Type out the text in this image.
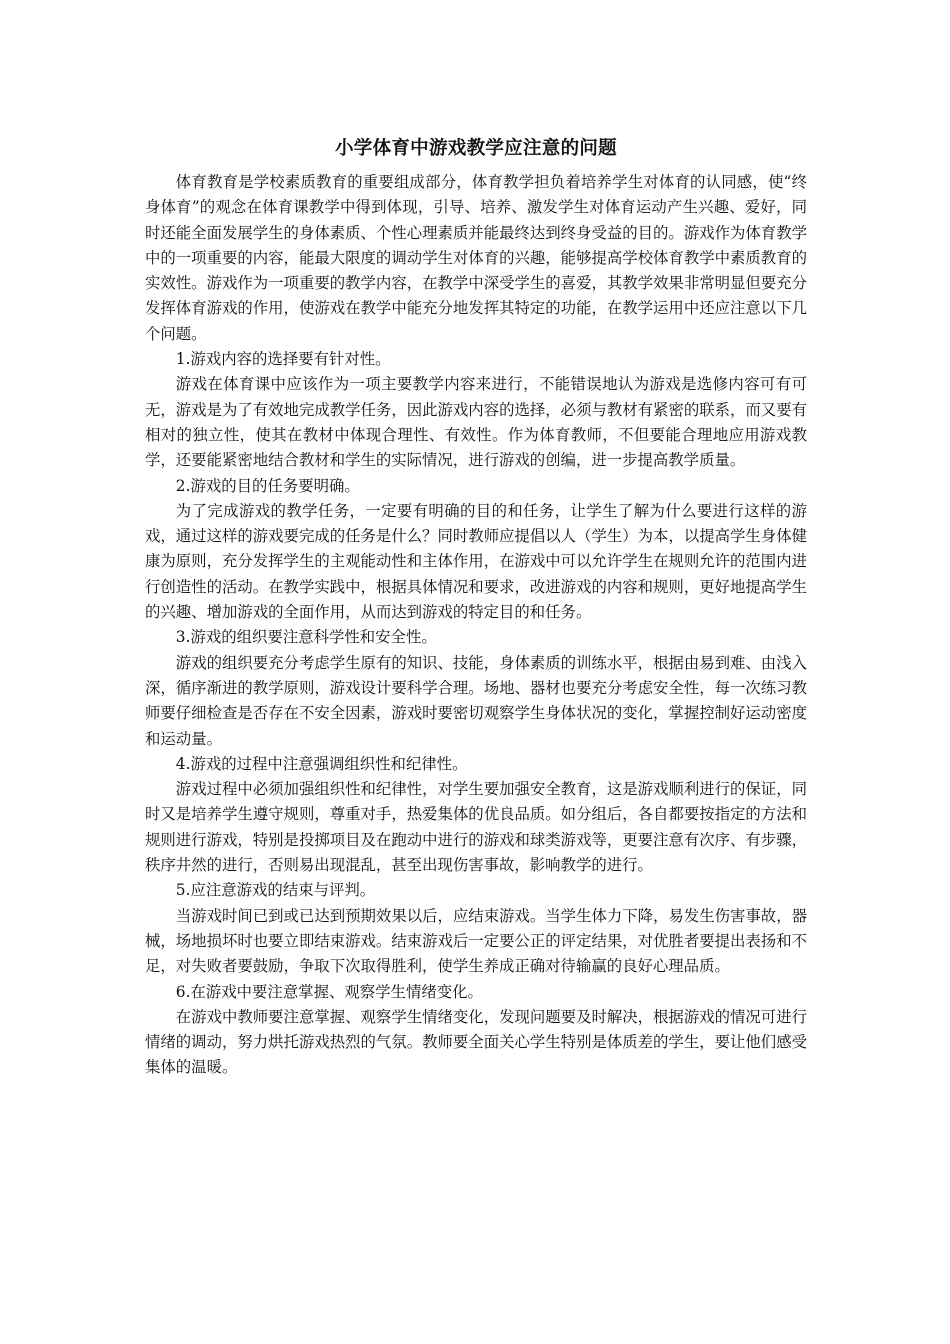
小学体育中游戏教学应注意的问题

体育教育是学校素质教育的重要组成部分，体育教学担负着培养学生对体育的认同感，使“终身体育”的观念在体育课教学中得到体现，引导、培养、激发学生对体育运动产生兴趣、爱好，同时还能全面发展学生的身体素质、个性心理素质并能最终达到终身受益的目的。游戏作为体育教学中的一项重要的内容，能最大限度的调动学生对体育的兴趣，能够提高学校体育教学中素质教育的实效性。游戏作为一项重要的教学内容，在教学中深受学生的喜爱，其教学效果非常明显但要充分发挥体育游戏的作用，使游戏在教学中能充分地发挥其特定的功能，在教学运用中还应注意以下几个问题。

1.游戏内容的选择要有针对性。

游戏在体育课中应该作为一项主要教学内容来进行，不能错误地认为游戏是选修内容可有可无，游戏是为了有效地完成教学任务，因此游戏内容的选择，必须与教材有紧密的联系，而又要有相对的独立性，使其在教材中体现合理性、有效性。作为体育教师，不但要能合理地应用游戏教学，还要能紧密地结合教材和学生的实际情况，进行游戏的创编，进一步提高教学质量。

2.游戏的目的任务要明确。

为了完成游戏的教学任务，一定要有明确的目的和任务，让学生了解为什么要进行这样的游戏，通过这样的游戏要完成的任务是什么？同时教师应提倡以人（学生）为本，以提高学生身体健康为原则，充分发挥学生的主观能动性和主体作用，在游戏中可以允许学生在规则允许的范围内进行创造性的活动。在教学实践中，根据具体情况和要求，改进游戏的内容和规则，更好地提高学生的兴趣、增加游戏的全面作用，从而达到游戏的特定目的和任务。

3.游戏的组织要注意科学性和安全性。

游戏的组织要充分考虑学生原有的知识、技能，身体素质的训练水平，根据由易到难、由浅入深，循序渐进的教学原则，游戏设计要科学合理。场地、器材也要充分考虑安全性，每一次练习教师要仔细检查是否存在不安全因素，游戏时要密切观察学生身体状况的变化，掌握控制好运动密度和运动量。

4.游戏的过程中注意强调组织性和纪律性。

游戏过程中必须加强组织性和纪律性，对学生要加强安全教育，这是游戏顺利进行的保证，同时又是培养学生遵守规则，尊重对手，热爱集体的优良品质。如分组后，各自都要按指定的方法和规则进行游戏，特别是投掷项目及在跑动中进行的游戏和球类游戏等，更要注意有次序、有步骤，秩序井然的进行，否则易出现混乱，甚至出现伤害事故，影响教学的进行。

5.应注意游戏的结束与评判。

当游戏时间已到或已达到预期效果以后，应结束游戏。当学生体力下降，易发生伤害事故，器械，场地损坏时也要立即结束游戏。结束游戏后一定要公正的评定结果，对优胜者要提出表扬和不足，对失败者要鼓励，争取下次取得胜利，使学生养成正确对待输赢的良好心理品质。

6.在游戏中要注意掌握、观察学生情绪变化。

在游戏中教师要注意掌握、观察学生情绪变化，发现问题要及时解决，根据游戏的情况可进行情绪的调动，努力烘托游戏热烈的气氛。教师要全面关心学生特别是体质差的学生，要让他们感受集体的温暖。
